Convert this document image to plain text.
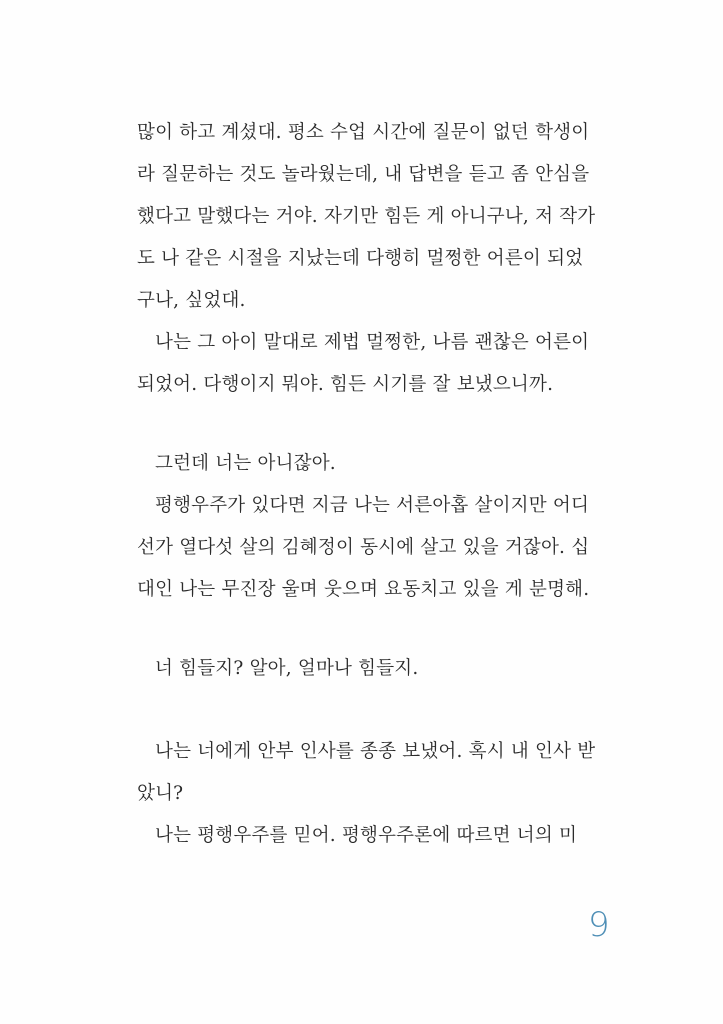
많이 하고 계셨대. 평소 수업 시간에 질문이 없던 학생이
라 질문하는 것도 놀라웠는데, 내 답변을 듣고 좀 안심을
했다고 말했다는 거야. 자기만 힘든 게 아니구나, 저 작가
도 나 같은 시절을 지났는데 다행히 멀쩡한 어른이 되었
구나, 싶었대.
나는 그 아이 말대로 제법 멀쩡한, 나름 괜찮은 어른이
되었어. 다행이지 뭐야. 힘든 시기를 잘 보냈으니까.
그런데 너는 아니잖아.
평행우주가 있다면 지금 나는 서른아홉 살이지만 어디
선가 열다섯 살의 김혜정이 동시에 살고 있을 거잖아. 십
대인 나는 무진장 울며 웃으며 요동치고 있을 게 분명해.
너 힘들지? 알아, 얼마나 힘들지.
나는 너에게 안부 인사를 종종 보냈어. 혹시 내 인사 받
았니?
나는 평행우주를 믿어. 평행우주론에 따르면 너의 미
9
